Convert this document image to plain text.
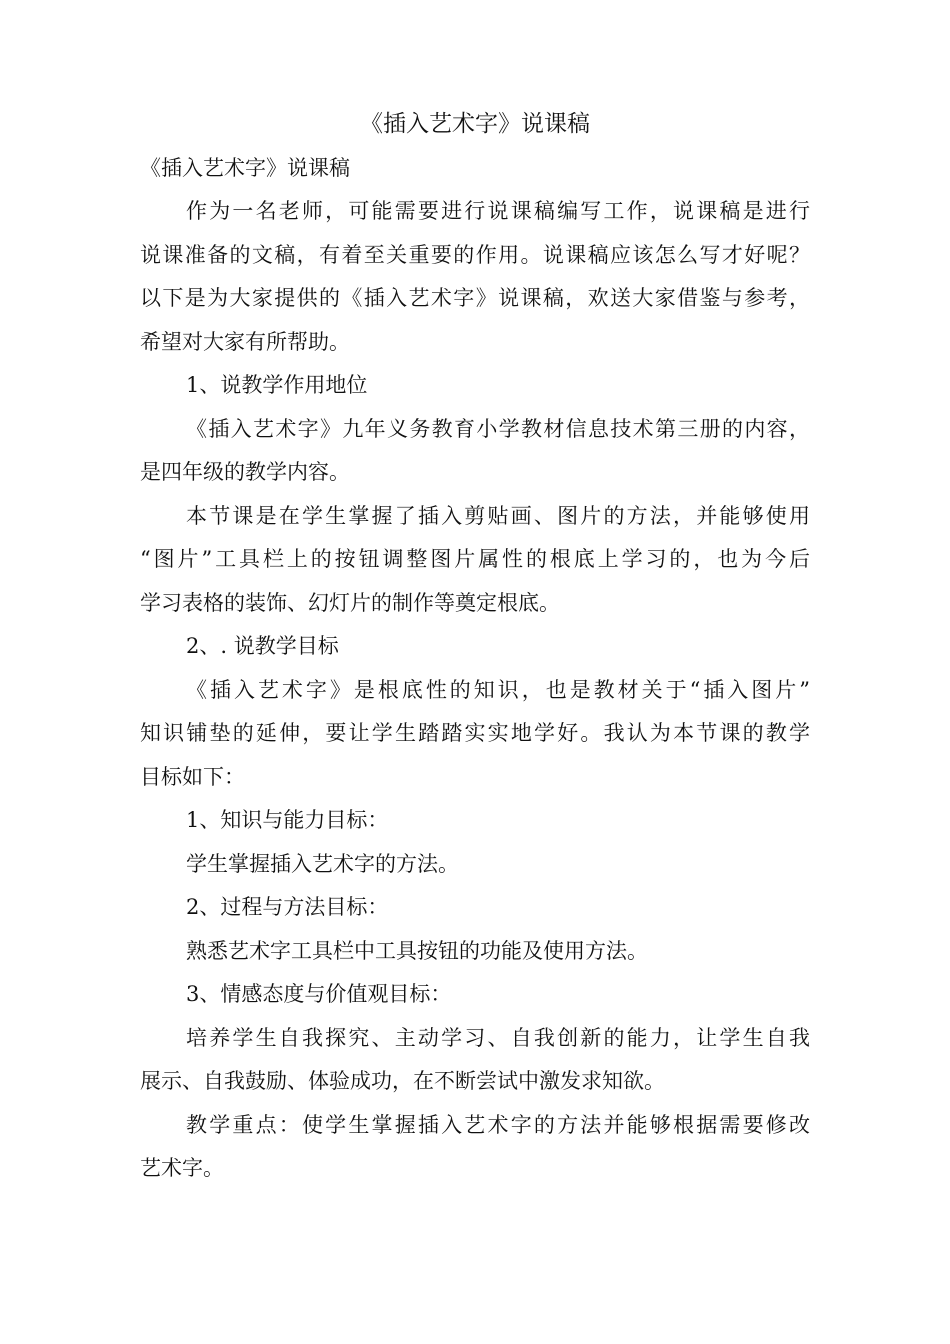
《插入艺术字》说课稿

《插入艺术字》说课稿

作为一名老师，可能需要进行说课稿编写工作，说课稿是进行

说课准备的文稿，有着至关重要的作用。说课稿应该怎么写才好呢？

以下是为大家提供的《插入艺术字》说课稿，欢送大家借鉴与参考，

希望对大家有所帮助。

1、说教学作用地位

《插入艺术字》九年义务教育小学教材信息技术第三册的内容，

是四年级的教学内容。

本节课是在学生掌握了插入剪贴画、图片的方法，并能够使用

“图片”工具栏上的按钮调整图片属性的根底上学习的，也为今后

学习表格的装饰、幻灯片的制作等奠定根底。

2、. 说教学目标

《插入艺术字》是根底性的知识，也是教材关于“插入图片”

知识铺垫的延伸，要让学生踏踏实实地学好。我认为本节课的教学

目标如下：

1、知识与能力目标：

学生掌握插入艺术字的方法。

2、过程与方法目标：

熟悉艺术字工具栏中工具按钮的功能及使用方法。

3、情感态度与价值观目标：

培养学生自我探究、主动学习、自我创新的能力，让学生自我

展示、自我鼓励、体验成功，在不断尝试中激发求知欲。

教学重点：使学生掌握插入艺术字的方法并能够根据需要修改

艺术字。
